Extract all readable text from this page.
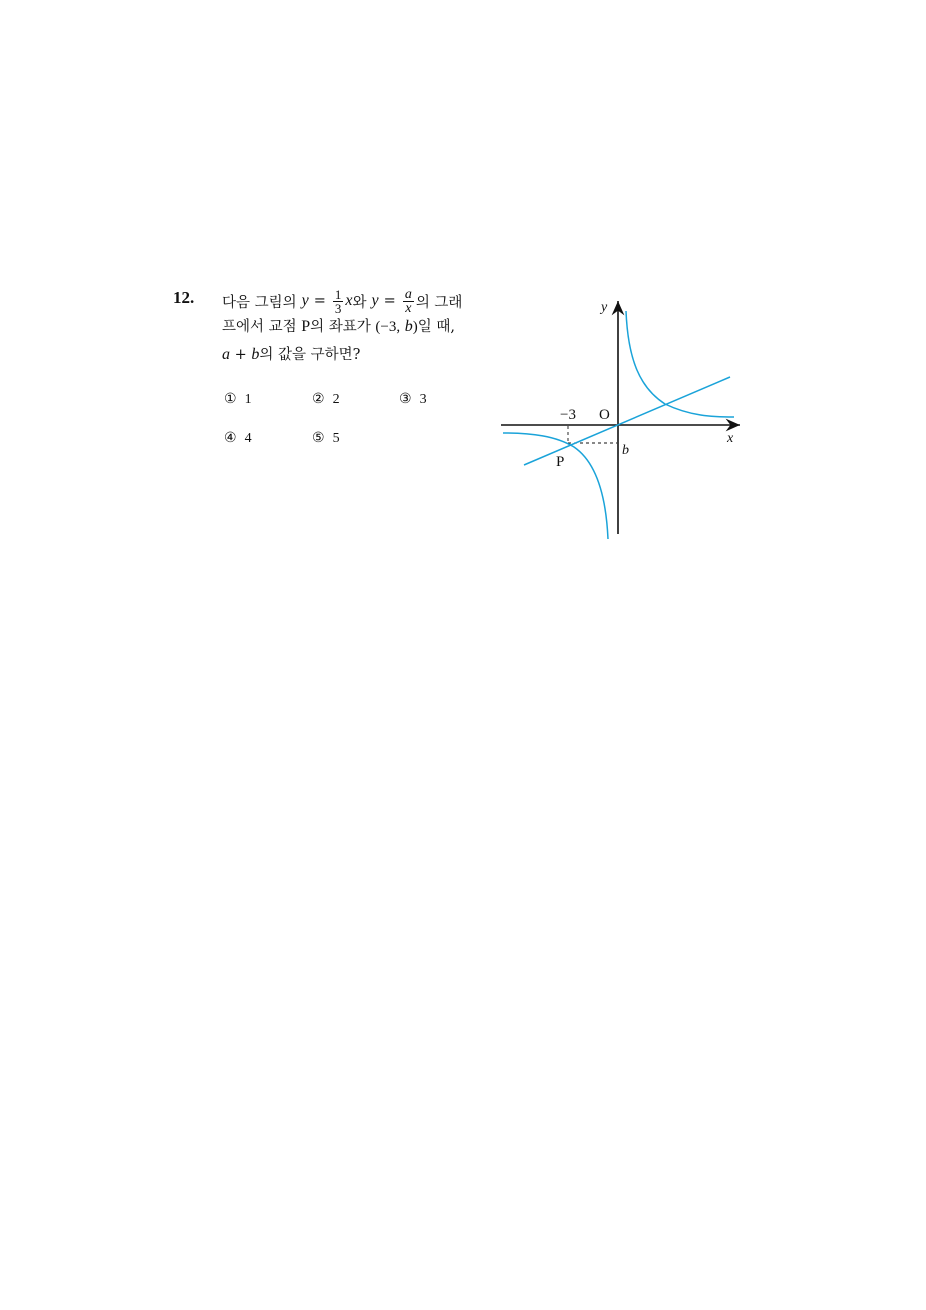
12. 다음 그림의 $y = \frac{1}{3}$ x 와 $y = \frac{a}{x}$ 의 그래
프에서 교점 P의 좌표가 (−3, b)일 때,
a + b의 값을 구하면?
① 1	② 2	③ 3
④ 4	⑤ 5
y
x
O
−3
b
P
